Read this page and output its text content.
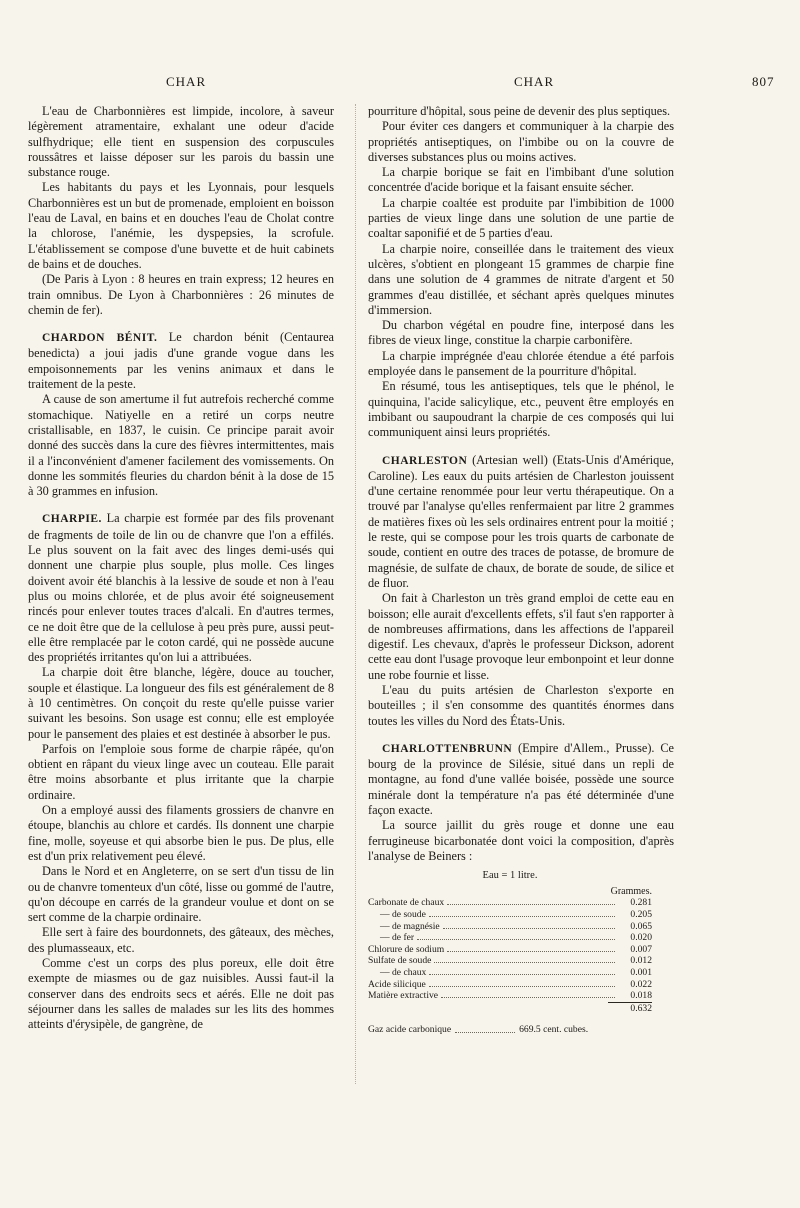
CHAR	CHAR	807

L'eau de Charbonnières est limpide, incolore, à saveur légèrement atramentaire, exhalant une odeur d'acide sulfhydrique; elle tient en suspension des corpuscules roussâtres et laisse déposer sur les parois du bassin une substance rouge.

Les habitants du pays et les Lyonnais, pour lesquels Charbonnières est un but de promenade, emploient en boisson l'eau de Laval, en bains et en douches l'eau de Cholat contre la chlorose, l'anémie, les dyspepsies, la scrofule. L'établissement se compose d'une buvette et de huit cabinets de bains et de douches.

(De Paris à Lyon : 8 heures en train express; 12 heures en train omnibus. De Lyon à Charbonnières : 26 minutes de chemin de fer).

CHARDON BÉNIT. Le chardon bénit (Centaurea benedicta) a joui jadis d'une grande vogue dans les empoisonnements par les venins animaux et dans le traitement de la peste.

A cause de son amertume il fut autrefois recherché comme stomachique. Natiyelle en a retiré un corps neutre cristallisable, en 1837, le cuisin. Ce principe parait avoir donné des succès dans la cure des fièvres intermittentes, mais il a l'inconvénient d'amener facilement des vomissements. On donne les sommités fleuries du chardon bénit à la dose de 15 à 30 grammes en infusion.

CHARPIE. La charpie est formée par des fils provenant de fragments de toile de lin ou de chanvre que l'on a effilés. Le plus souvent on la fait avec des linges demi-usés qui donnent une charpie plus souple, plus molle. Ces linges doivent avoir été blanchis à la lessive de soude et non à l'eau plus ou moins chlorée, et de plus avoir été soigneusement rincés pour enlever toutes traces d'alcali. En d'autres termes, ce ne doit être que de la cellulose à peu près pure, aussi peut-elle être remplacée par le coton cardé, qui ne possède aucune des propriétés irritantes qu'on lui a attribuées.

La charpie doit être blanche, légère, douce au toucher, souple et élastique. La longueur des fils est généralement de 8 à 10 centimètres. On conçoit du reste qu'elle puisse varier suivant les besoins. Son usage est connu; elle est employée pour le pansement des plaies et est destinée à absorber le pus.

Parfois on l'emploie sous forme de charpie râpée, qu'on obtient en râpant du vieux linge avec un couteau. Elle parait être moins absorbante et plus irritante que la charpie ordinaire.

On a employé aussi des filaments grossiers de chanvre en étoupe, blanchis au chlore et cardés. Ils donnent une charpie fine, molle, soyeuse et qui absorbe bien le pus. De plus, elle est d'un prix relativement peu élevé.

Dans le Nord et en Angleterre, on se sert d'un tissu de lin ou de chanvre tomenteux d'un côté, lisse ou gommé de l'autre, qu'on découpe en carrés de la grandeur voulue et dont on se sert comme de la charpie ordinaire.

Elle sert à faire des bourdonnets, des gâteaux, des mèches, des plumasseaux, etc.

Comme c'est un corps des plus poreux, elle doit être exempte de miasmes ou de gaz nuisibles. Aussi faut-il la conserver dans des endroits secs et aérés. Elle ne doit pas séjourner dans les salles de malades sur les lits des hommes atteints d'érysipèle, de gangrène, de

pourriture d'hôpital, sous peine de devenir des plus septiques.

Pour éviter ces dangers et communiquer à la charpie des propriétés antiseptiques, on l'imbibe ou on la couvre de diverses substances plus ou moins actives.

La charpie borique se fait en l'imbibant d'une solution concentrée d'acide borique et la faisant ensuite sécher.

La charpie coaltée est produite par l'imbibition de 1000 parties de vieux linge dans une solution de une partie de coaltar saponifié et de 5 parties d'eau.

La charpie noire, conseillée dans le traitement des vieux ulcères, s'obtient en plongeant 15 grammes de charpie fine dans une solution de 4 grammes de nitrate d'argent et 50 grammes d'eau distillée, et séchant après quelques minutes d'immersion.

Du charbon végétal en poudre fine, interposé dans les fibres de vieux linge, constitue la charpie carbonifère.

La charpie imprégnée d'eau chlorée étendue a été parfois employée dans le pansement de la pourriture d'hôpital.

En résumé, tous les antiseptiques, tels que le phénol, le quinquina, l'acide salicylique, etc., peuvent être employés en imbibant ou saupoudrant la charpie de ces composés qui lui communiquent ainsi leurs propriétés.

CHARLESTON (Artesian well) (Etats-Unis d'Amérique, Caroline). Les eaux du puits artésien de Charleston jouissent d'une certaine renommée pour leur vertu thérapeutique. On a trouvé par l'analyse qu'elles renfermaient par litre 2 grammes de matières fixes où les sels ordinaires entrent pour la moitié ; le reste, qui se compose pour les trois quarts de carbonate de soude, contient en outre des traces de potasse, de bromure de magnésie, de sulfate de chaux, de borate de soude, de silice et de fluor.

On fait à Charleston un très grand emploi de cette eau en boisson; elle aurait d'excellents effets, s'il faut s'en rapporter à de nombreuses affirmations, dans les affections de l'appareil digestif. Les chevaux, d'après le professeur Dickson, adorent cette eau dont l'usage provoque leur embonpoint et leur donne une robe fournie et lisse.

L'eau du puits artésien de Charleston s'exporte en bouteilles ; il s'en consomme des quantités énormes dans toutes les villes du Nord des États-Unis.

CHARLOTTENBRUNN (Empire d'Allem., Prusse). Ce bourg de la province de Silésie, situé dans un repli de montagne, au fond d'une vallée boisée, possède une source minérale dont la température n'a pas été déterminée d'une façon exacte.

La source jaillit du grès rouge et donne une eau ferrugineuse bicarbonatée dont voici la composition, d'après l'analyse de Beiners :

Eau = 1 litre.
Grammes.
Carbonate de chaux	0.281
— de soude	0.205
— de magnésie	0.065
— de fer	0.020
Chlorure de sodium	0.007
Sulfate de soude	0.012
— de chaux	0.001
Acide silicique	0.022
Matière extractive	0.018
0.632
Gaz acide carbonique	669.5 cent. cubes.
